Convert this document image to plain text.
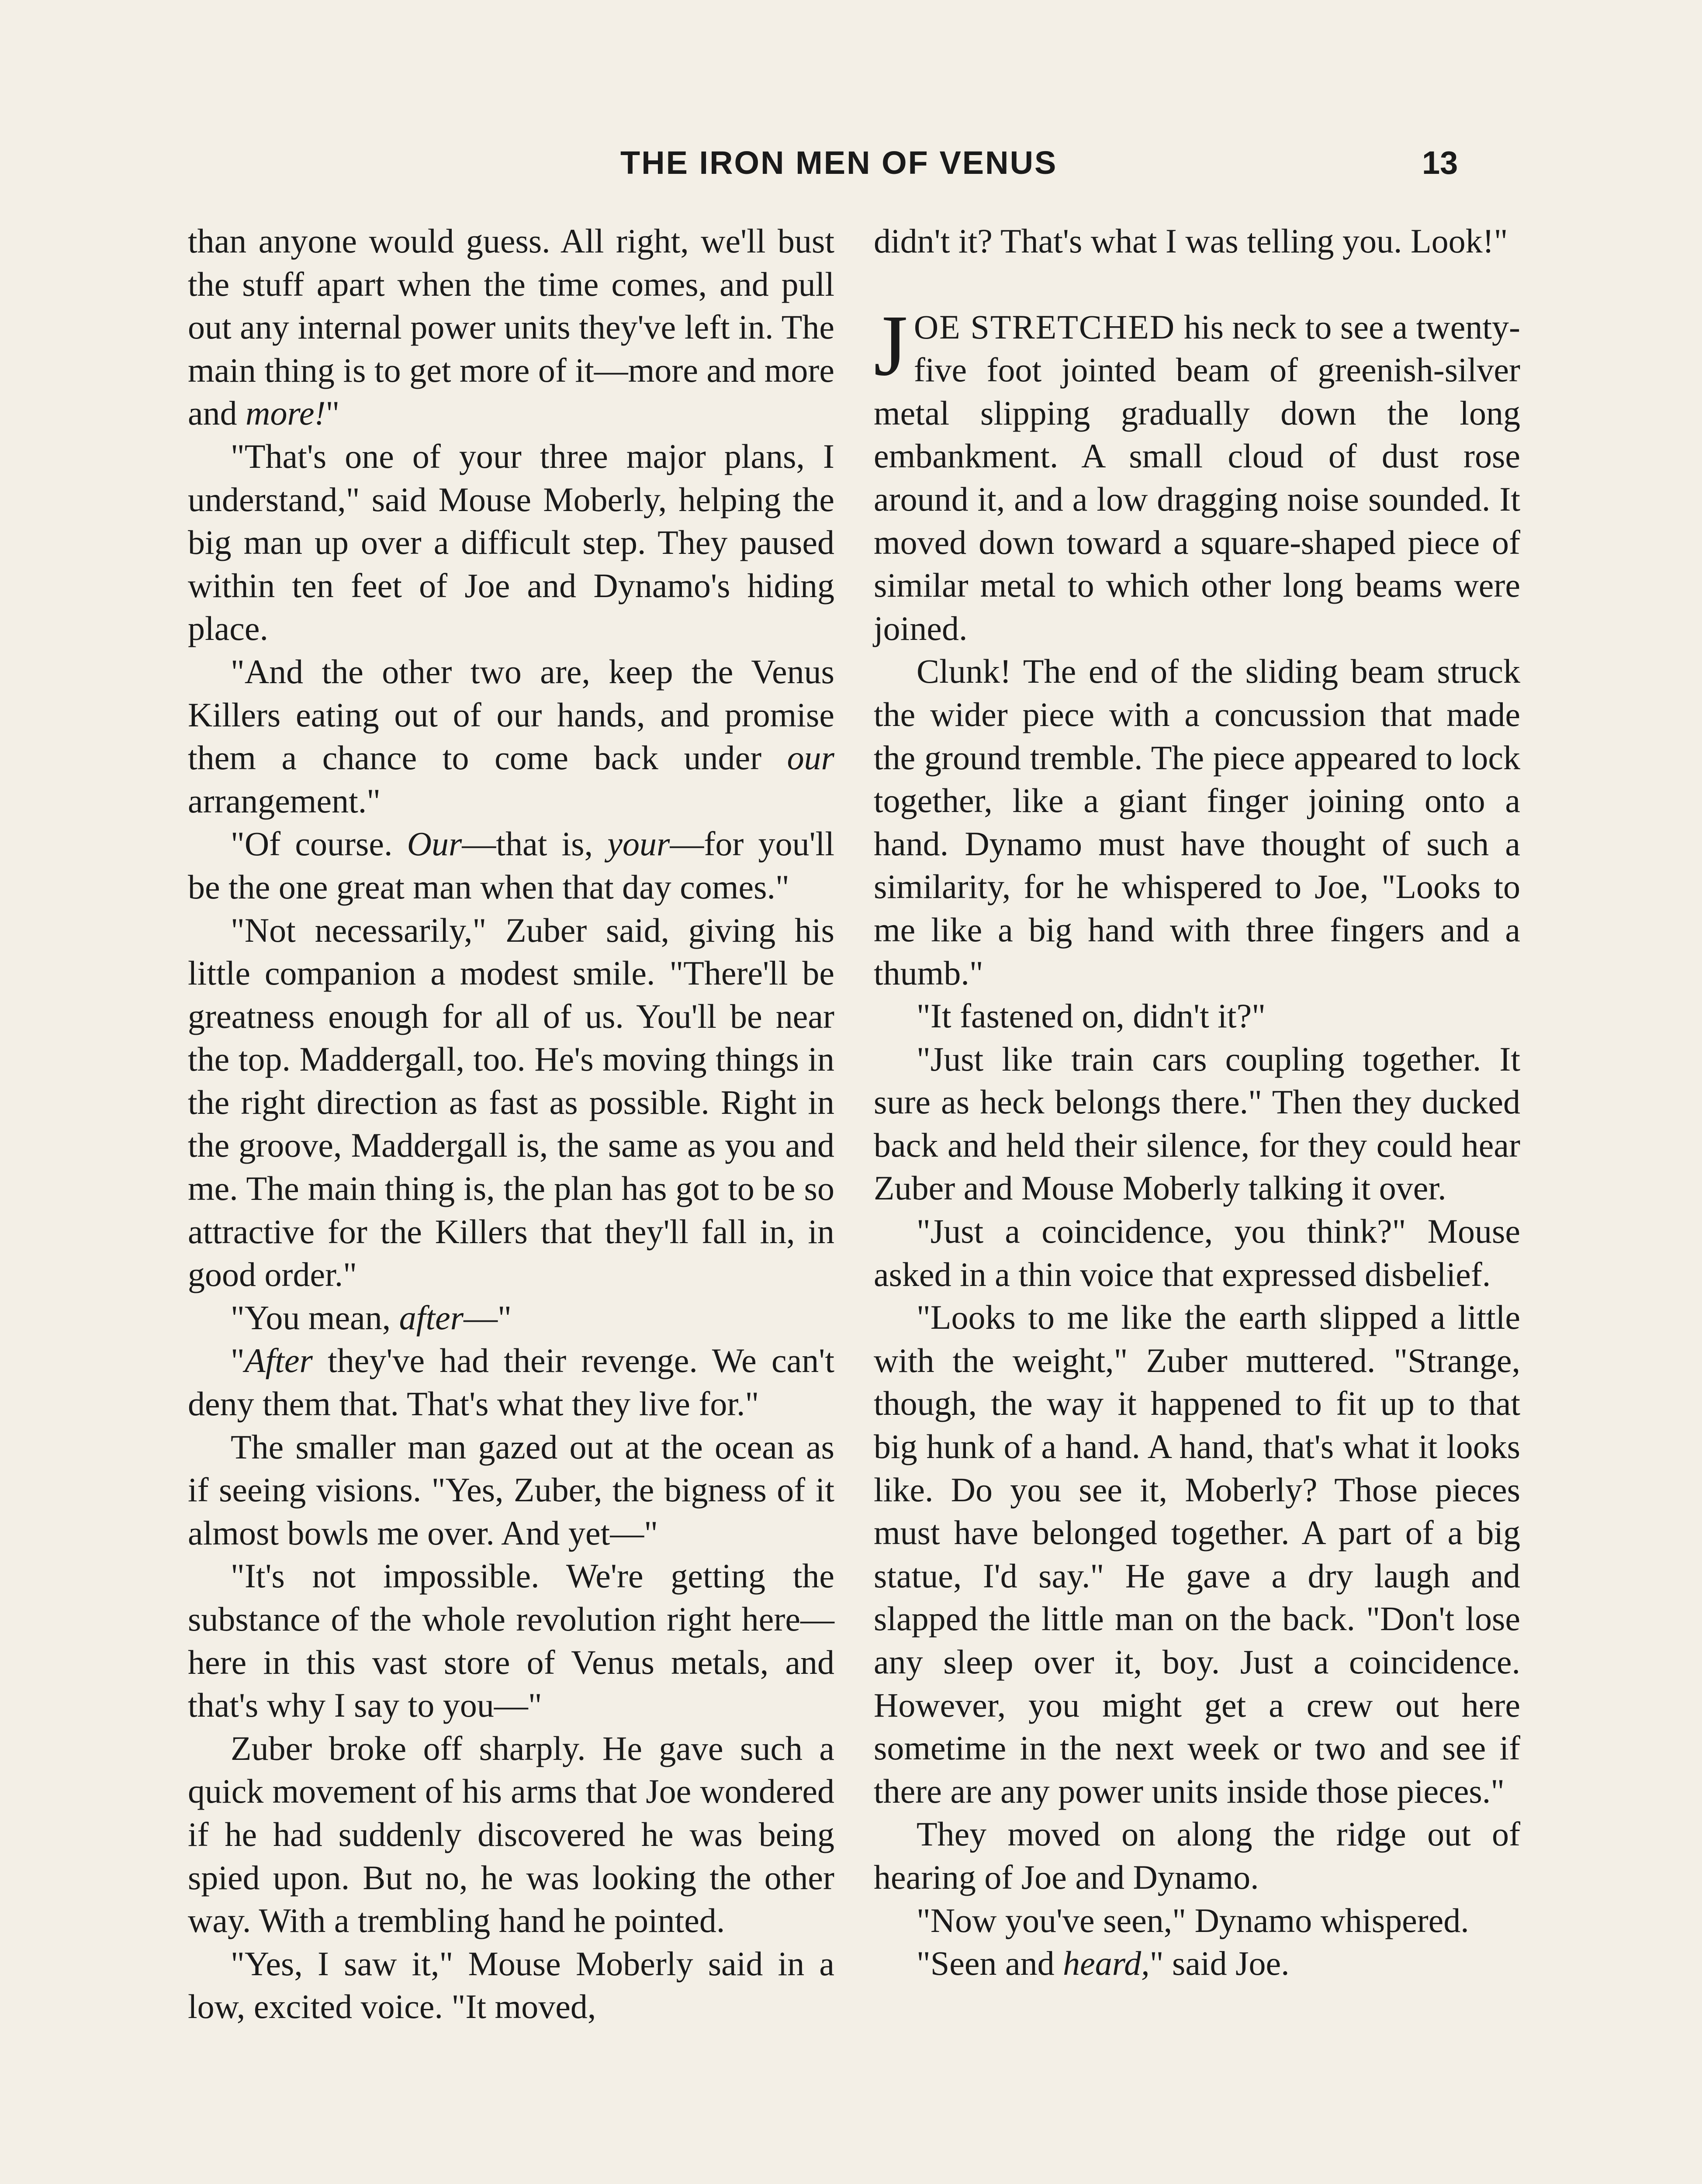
THE IRON MEN OF VENUS	13

than anyone would guess. All right, we'll bust the stuff apart when the time comes, and pull out any internal power units they've left in. The main thing is to get more of it—more and more and more!"

"That's one of your three major plans, I understand," said Mouse Moberly, helping the big man up over a difficult step. They paused within ten feet of Joe and Dynamo's hiding place.

"And the other two are, keep the Venus Killers eating out of our hands, and promise them a chance to come back under our arrangement."

"Of course. Our—that is, your—for you'll be the one great man when that day comes."

"Not necessarily," Zuber said, giving his little companion a modest smile. "There'll be greatness enough for all of us. You'll be near the top. Maddergall, too. He's moving things in the right direction as fast as possible. Right in the groove, Maddergall is, the same as you and me. The main thing is, the plan has got to be so attractive for the Killers that they'll fall in, in good order."

"You mean, after—"

"After they've had their revenge. We can't deny them that. That's what they live for."

The smaller man gazed out at the ocean as if seeing visions. "Yes, Zuber, the bigness of it almost bowls me over. And yet—"

"It's not impossible. We're getting the substance of the whole revolution right here—here in this vast store of Venus metals, and that's why I say to you—"

Zuber broke off sharply. He gave such a quick movement of his arms that Joe wondered if he had suddenly discovered he was being spied upon. But no, he was looking the other way. With a trembling hand he pointed.

"Yes, I saw it," Mouse Moberly said in a low, excited voice. "It moved,

didn't it? That's what I was telling you. Look!"

JOE STRETCHED his neck to see a twenty-five foot jointed beam of greenish-silver metal slipping gradually down the long embankment. A small cloud of dust rose around it, and a low dragging noise sounded. It moved down toward a square-shaped piece of similar metal to which other long beams were joined.

Clunk! The end of the sliding beam struck the wider piece with a concussion that made the ground tremble. The piece appeared to lock together, like a giant finger joining onto a hand. Dynamo must have thought of such a similarity, for he whispered to Joe, "Looks to me like a big hand with three fingers and a thumb."

"It fastened on, didn't it?"

"Just like train cars coupling together. It sure as heck belongs there." Then they ducked back and held their silence, for they could hear Zuber and Mouse Moberly talking it over.

"Just a coincidence, you think?" Mouse asked in a thin voice that expressed disbelief.

"Looks to me like the earth slipped a little with the weight," Zuber muttered. "Strange, though, the way it happened to fit up to that big hunk of a hand. A hand, that's what it looks like. Do you see it, Moberly? Those pieces must have belonged together. A part of a big statue, I'd say." He gave a dry laugh and slapped the little man on the back. "Don't lose any sleep over it, boy. Just a coincidence. However, you might get a crew out here sometime in the next week or two and see if there are any power units inside those pieces."

They moved on along the ridge out of hearing of Joe and Dynamo.

"Now you've seen," Dynamo whispered.

"Seen and heard," said Joe.
